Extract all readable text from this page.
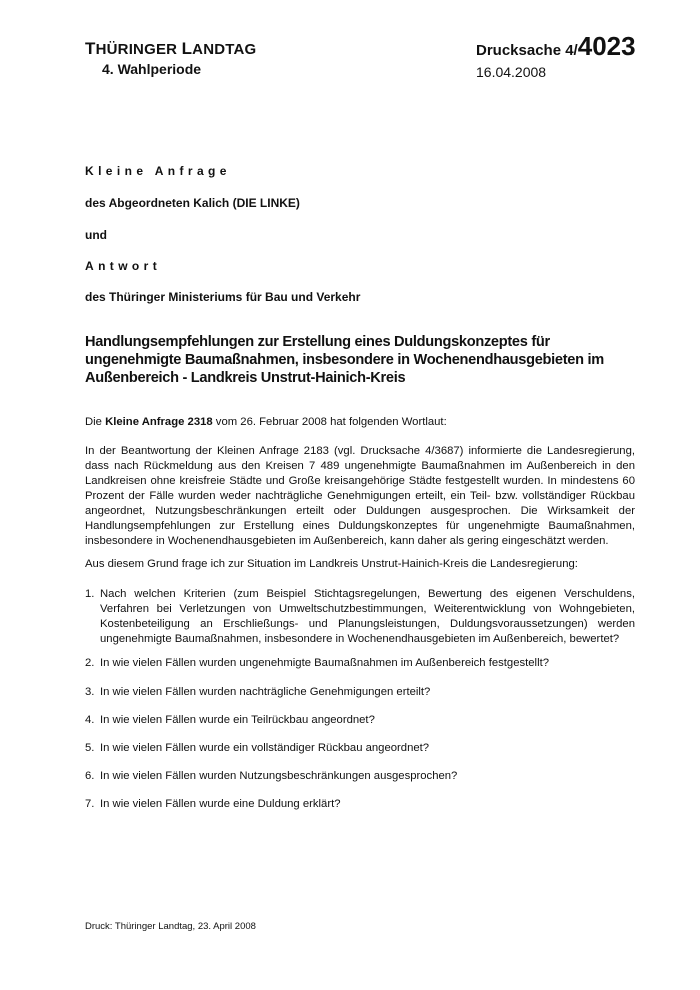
THÜRINGER LANDTAG
4. Wahlperiode
Drucksache 4/4023
16.04.2008
Kleine Anfrage
des Abgeordneten Kalich (DIE LINKE)
und
Antwort
des Thüringer Ministeriums für Bau und Verkehr
Handlungsempfehlungen zur Erstellung eines Duldungskonzeptes für ungenehmigte Baumaßnahmen, insbesondere in Wochenendhausgebieten im Außenbereich - Landkreis Unstrut-Hainich-Kreis
Die Kleine Anfrage 2318 vom 26. Februar 2008 hat folgenden Wortlaut:
In der Beantwortung der Kleinen Anfrage 2183 (vgl. Drucksache 4/3687) informierte die Landesregierung, dass nach Rückmeldung aus den Kreisen 7 489 ungenehmigte Baumaßnahmen im Außenbereich in den Landkreisen ohne kreisfreie Städte und Große kreisangehörige Städte festgestellt wurden. In mindestens 60 Prozent der Fälle wurden weder nachträgliche Genehmigungen erteilt, ein Teil- bzw. vollständiger Rückbau angeordnet, Nutzungsbeschränkungen erteilt oder Duldungen ausgesprochen. Die Wirksamkeit der Handlungsempfehlungen zur Erstellung eines Duldungskonzeptes für ungenehmigte Baumaßnahmen, insbesondere in Wochenendhausgebieten im Außenbereich, kann daher als gering eingeschätzt werden.
Aus diesem Grund frage ich zur Situation im Landkreis Unstrut-Hainich-Kreis die Landesregierung:
1. Nach welchen Kriterien (zum Beispiel Stichtagsregelungen, Bewertung des eigenen Verschuldens, Verfahren bei Verletzungen von Umweltschutzbestimmungen, Weiterentwicklung von Wohngebieten, Kostenbeteiligung an Erschließungs- und Planungsleistungen, Duldungsvoraussetzungen) werden ungenehmigte Baumaßnahmen, insbesondere in Wochenendhausgebieten im Außenbereich, bewertet?
2. In wie vielen Fällen wurden ungenehmigte Baumaßnahmen im Außenbereich festgestellt?
3. In wie vielen Fällen wurden nachträgliche Genehmigungen erteilt?
4. In wie vielen Fällen wurde ein Teilrückbau angeordnet?
5. In wie vielen Fällen wurde ein vollständiger Rückbau angeordnet?
6. In wie vielen Fällen wurden Nutzungsbeschränkungen ausgesprochen?
7. In wie vielen Fällen wurde eine Duldung erklärt?
Druck: Thüringer Landtag, 23. April 2008
